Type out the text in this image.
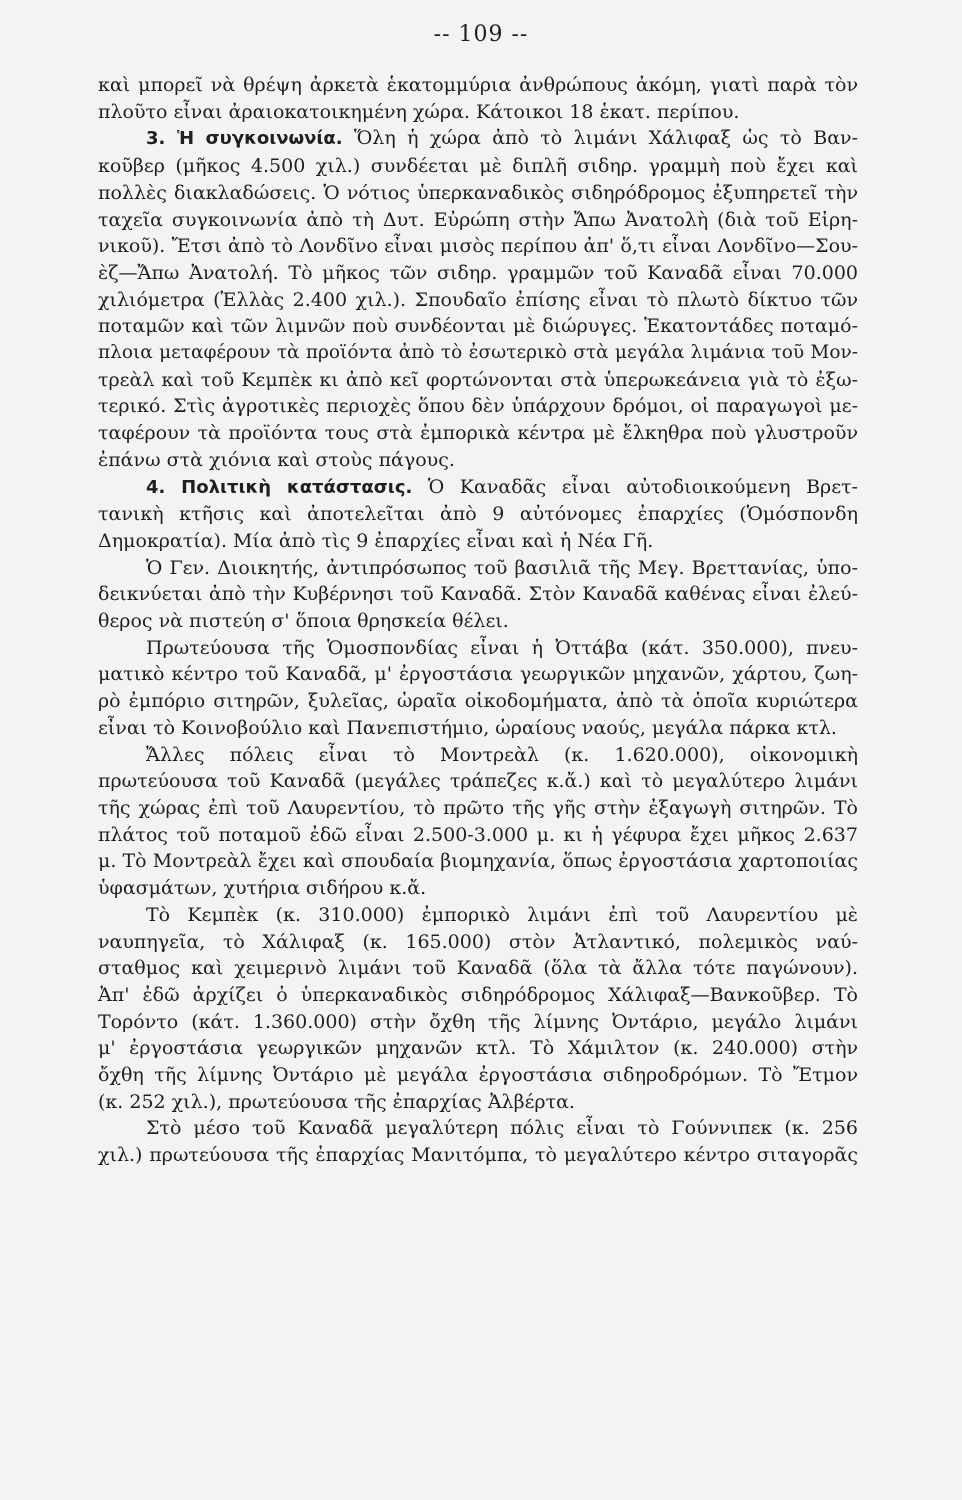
-- 109 --
καὶ μπορεῖ νὰ θρέψη ἀρκετὰ ἑκατομμύρια ἀνθρώπους ἀκόμη, γιατὶ παρὰ τὸν
πλοῦτο εἶναι ἀραιοκατοικημένη χώρα. Κάτοικοι 18 ἑκατ. περίπου.
3. Ἡ συγκοινωνία. Ὅλη ἡ χώρα ἀπὸ τὸ λιμάνι Χάλιφαξ ὡς τὸ Βαν-
κοῦβερ (μῆκος 4.500 χιλ.) συνδέεται μὲ διπλῆ σιδηρ. γραμμὴ ποὺ ἔχει καὶ
πολλὲς διακλαδώσεις. Ὁ νότιος ὑπερκαναδικὸς σιδηρόδρομος ἐξυπηρετεῖ τὴν
ταχεῖα συγκοινωνία ἀπὸ τὴ Δυτ. Εὐρώπη στὴν Ἄπω Ἀνατολὴ (διὰ τοῦ Εἰρη-
νικοῦ). Ἔτσι ἀπὸ τὸ Λονδῖνο εἶναι μισὸς περίπου ἀπ' ὅ,τι εἶναι Λονδῖνο—Σου-
ὲζ—Ἄπω Ἀνατολή. Τὸ μῆκος τῶν σιδηρ. γραμμῶν τοῦ Καναδᾶ εἶναι 70.000
χιλιόμετρα (Ἑλλὰς 2.400 χιλ.). Σπουδαῖο ἐπίσης εἶναι τὸ πλωτὸ δίκτυο τῶν
ποταμῶν καὶ τῶν λιμνῶν ποὺ συνδέονται μὲ διώρυγες. Ἑκατοντάδες ποταμό-
πλοια μεταφέρουν τὰ προϊόντα ἀπὸ τὸ ἐσωτερικὸ στὰ μεγάλα λιμάνια τοῦ Μον-
τρεὰλ καὶ τοῦ Κεμπὲκ κι ἀπὸ κεῖ φορτώνονται στὰ ὑπερωκεάνεια γιὰ τὸ ἐξω-
τερικό. Στὶς ἀγροτικὲς περιοχὲς ὅπου δὲν ὑπάρχουν δρόμοι, οἱ παραγωγοὶ με-
ταφέρουν τὰ προϊόντα τους στὰ ἐμπορικὰ κέντρα μὲ ἔλκηθρα ποὺ γλυστροῦν
ἐπάνω στὰ χιόνια καὶ στοὺς πάγους.
4. Πολιτικὴ κατάστασις. Ὁ Καναδᾶς εἶναι αὐτοδιοικούμενη Βρετ-
τανικὴ κτῆσις καὶ ἀποτελεῖται ἀπὸ 9 αὐτόνομες ἐπαρχίες (Ὁμόσπονδη
Δημοκρατία). Μία ἀπὸ τὶς 9 ἐπαρχίες εἶναι καὶ ἡ Νέα Γῆ.
Ὁ Γεν. Διοικητής, ἀντιπρόσωπος τοῦ βασιλιᾶ τῆς Μεγ. Βρεττανίας, ὑπο-
δεικνύεται ἀπὸ τὴν Κυβέρνησι τοῦ Καναδᾶ. Στὸν Καναδᾶ καθένας εἶναι ἐλεύ-
θερος νὰ πιστεύη σ' ὅποια θρησκεία θέλει.
Πρωτεύουσα τῆς Ὁμοσπονδίας εἶναι ἡ Ὀττάβα (κάτ. 350.000), πνευ-
ματικὸ κέντρο τοῦ Καναδᾶ, μ' ἐργοστάσια γεωργικῶν μηχανῶν, χάρτου, ζωη-
ρὸ ἐμπόριο σιτηρῶν, ξυλεῖας, ὡραῖα οἰκοδομήματα, ἀπὸ τὰ ὁποῖα κυριώτερα
εἶναι τὸ Κοινοβούλιο καὶ Πανεπιστήμιο, ὡραίους ναούς, μεγάλα πάρκα κτλ.
Ἄλλες πόλεις εἶναι τὸ Μοντρεὰλ (κ. 1.620.000), οἰκονομικὴ
πρωτεύουσα τοῦ Καναδᾶ (μεγάλες τράπεζες κ.ἄ.) καὶ τὸ μεγαλύτερο λιμάνι
τῆς χώρας ἐπὶ τοῦ Λαυρεντίου, τὸ πρῶτο τῆς γῆς στὴν ἐξαγωγὴ σιτηρῶν. Τὸ
πλάτος τοῦ ποταμοῦ ἐδῶ εἶναι 2.500-3.000 μ. κι ἡ γέφυρα ἔχει μῆκος 2.637
μ. Τὸ Μοντρεὰλ ἔχει καὶ σπουδαία βιομηχανία, ὅπως ἐργοστάσια χαρτοποιίας
ὑφασμάτων, χυτήρια σιδήρου κ.ἄ.
Τὸ Κεμπὲκ (κ. 310.000) ἐμπορικὸ λιμάνι ἐπὶ τοῦ Λαυρεντίου μὲ
ναυπηγεῖα, τὸ Χάλιφαξ (κ. 165.000) στὸν Ἀτλαντικό, πολεμικὸς ναύ-
σταθμος καὶ χειμερινὸ λιμάνι τοῦ Καναδᾶ (ὅλα τὰ ἄλλα τότε παγώνουν).
Ἀπ' ἐδῶ ἀρχίζει ὁ ὑπερκαναδικὸς σιδηρόδρομος Χάλιφαξ—Βανκοῦβερ. Τὸ
Τορόντο (κάτ. 1.360.000) στὴν ὄχθη τῆς λίμνης Ὀντάριο, μεγάλο λιμάνι
μ' ἐργοστάσια γεωργικῶν μηχανῶν κτλ. Τὸ Χάμιλτον (κ. 240.000) στὴν
ὄχθη τῆς λίμνης Ὀντάριο μὲ μεγάλα ἐργοστάσια σιδηροδρόμων. Τὸ Ἔτμον
(κ. 252 χιλ.), πρωτεύουσα τῆς ἐπαρχίας Ἀλβέρτα.
Στὸ μέσο τοῦ Καναδᾶ μεγαλύτερη πόλις εἶναι τὸ Γούννιπεκ (κ. 256
χιλ.) πρωτεύουσα τῆς ἐπαρχίας Μανιτόμπα, τὸ μεγαλύτερο κέντρο σιταγορᾶς
